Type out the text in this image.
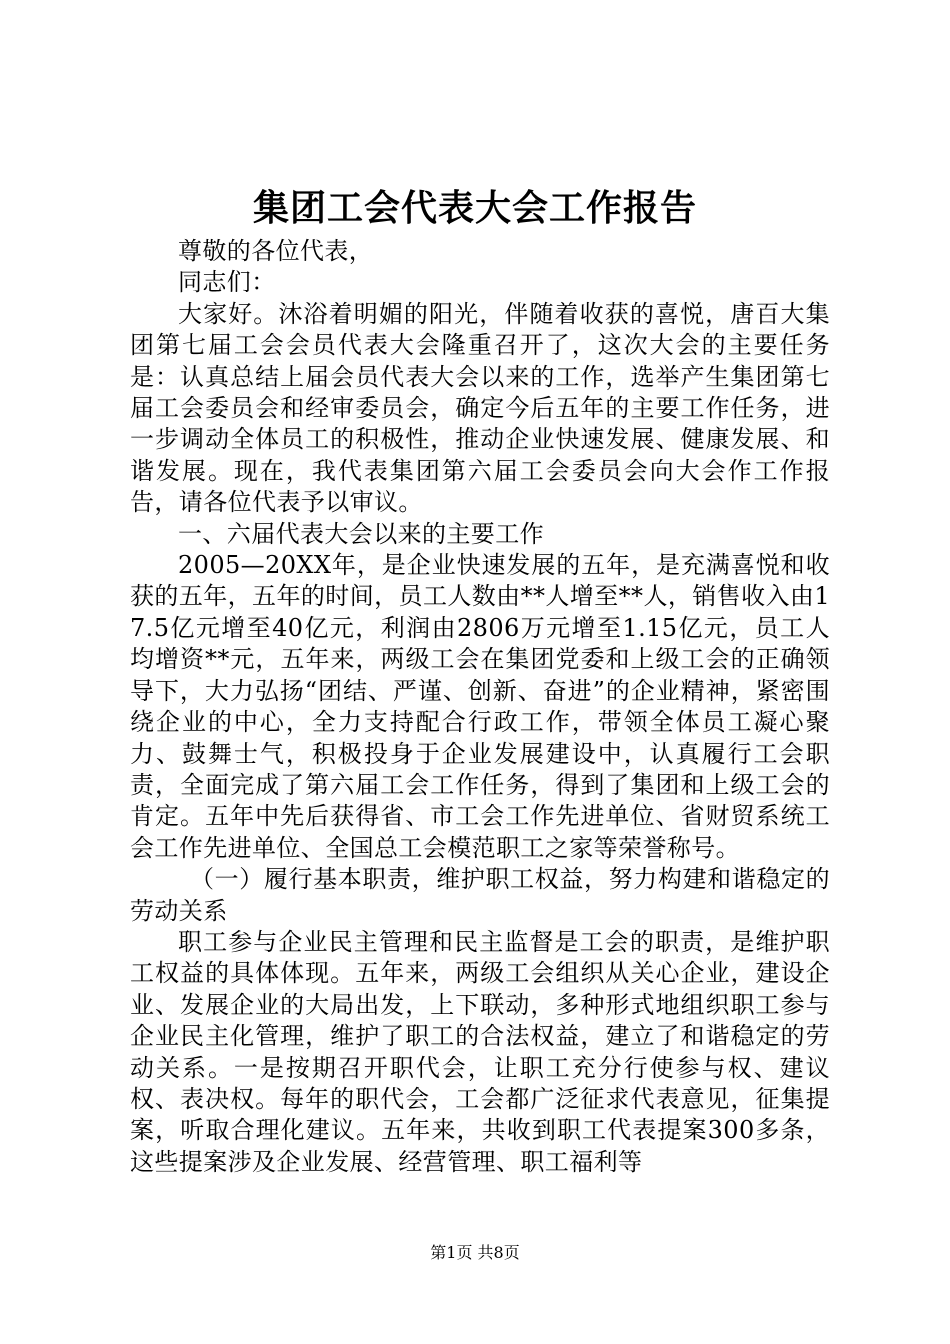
集团工会代表大会工作报告

尊敬的各位代表，

同志们：

大家好。沐浴着明媚的阳光，伴随着收获的喜悦，唐百大集团第七届工会会员代表大会隆重召开了，这次大会的主要任务是：认真总结上届会员代表大会以来的工作，选举产生集团第七届工会委员会和经审委员会，确定今后五年的主要工作任务，进一步调动全体员工的积极性，推动企业快速发展、健康发展、和谐发展。现在，我代表集团第六届工会委员会向大会作工作报告，请各位代表予以审议。

一、六届代表大会以来的主要工作

2005—20XX年，是企业快速发展的五年，是充满喜悦和收获的五年，五年的时间，员工人数由**人增至**人，销售收入由17.5亿元增至40亿元，利润由2806万元增至1.15亿元，员工人均增资**元，五年来，两级工会在集团党委和上级工会的正确领导下，大力弘扬“团结、严谨、创新、奋进”的企业精神，紧密围绕企业的中心，全力支持配合行政工作，带领全体员工凝心聚力、鼓舞士气，积极投身于企业发展建设中，认真履行工会职责，全面完成了第六届工会工作任务，得到了集团和上级工会的肯定。五年中先后获得省、市工会工作先进单位、省财贸系统工会工作先进单位、全国总工会模范职工之家等荣誉称号。

（一）履行基本职责，维护职工权益，努力构建和谐稳定的劳动关系

职工参与企业民主管理和民主监督是工会的职责，是维护职工权益的具体体现。五年来，两级工会组织从关心企业，建设企业、发展企业的大局出发，上下联动，多种形式地组织职工参与企业民主化管理，维护了职工的合法权益，建立了和谐稳定的劳动关系。一是按期召开职代会，让职工充分行使参与权、建议权、表决权。每年的职代会，工会都广泛征求代表意见，征集提案，听取合理化建议。五年来，共收到职工代表提案300多条，这些提案涉及企业发展、经营管理、职工福利等

第1页 共8页
